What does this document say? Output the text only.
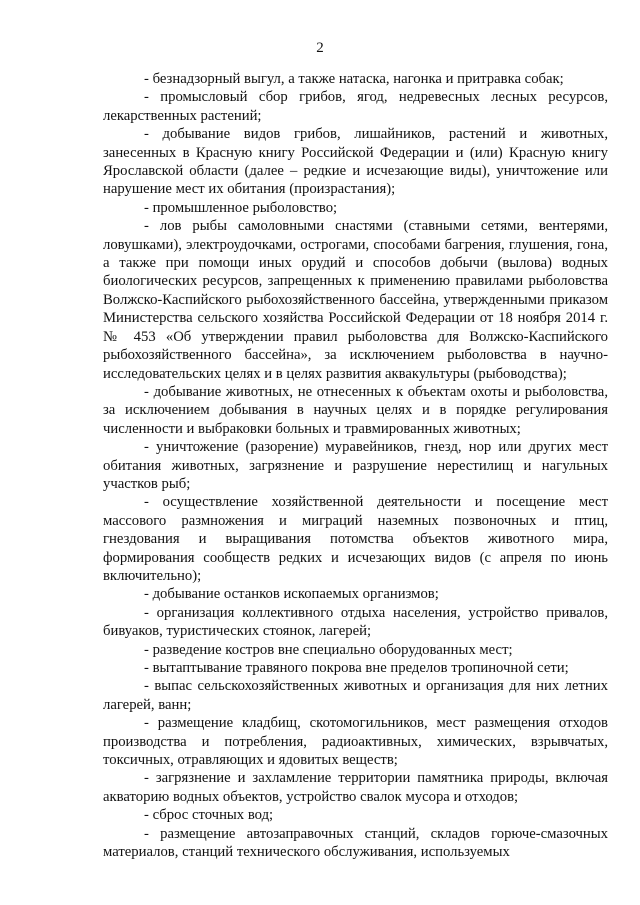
2

- безнадзорный выгул, а также натаска, нагонка и притравка собак;

- промысловый сбор грибов, ягод, недревесных лесных ресурсов, лекарственных растений;

- добывание видов грибов, лишайников, растений и животных, занесенных в Красную книгу Российской Федерации и (или) Красную книгу Ярославской области (далее – редкие и исчезающие виды), уничтожение или нарушение мест их обитания (произрастания);

- промышленное рыболовство;

- лов рыбы самоловными снастями (ставными сетями, вентерями, ловушками), электроудочками, острогами, способами багрения, глушения, гона, а также при помощи иных орудий и способов добычи (вылова) водных биологических ресурсов, запрещенных к применению правилами рыболовства Волжско-Каспийского рыбохозяйственного бассейна, утвержденными приказом Министерства сельского хозяйства Российской Федерации от 18 ноября 2014 г. № 453 «Об утверждении правил рыболовства для Волжско-Каспийского рыбохозяйственного бассейна», за исключением рыболовства в научно-исследовательских целях и в целях развития аквакультуры (рыбоводства);

- добывание животных, не отнесенных к объектам охоты и рыболовства, за исключением добывания в научных целях и в порядке регулирования численности и выбраковки больных и травмированных животных;

- уничтожение (разорение) муравейников, гнезд, нор или других мест обитания животных, загрязнение и разрушение нерестилищ и нагульных участков рыб;

- осуществление хозяйственной деятельности и посещение мест массового размножения и миграций наземных позвоночных и птиц, гнездования и выращивания потомства объектов животного мира, формирования сообществ редких и исчезающих видов (с апреля по июнь включительно);

- добывание останков ископаемых организмов;

- организация коллективного отдыха населения, устройство привалов, бивуаков, туристических стоянок, лагерей;

- разведение костров вне специально оборудованных мест;

- вытаптывание травяного покрова вне пределов тропиночной сети;

- выпас сельскохозяйственных животных и организация для них летних лагерей, ванн;

- размещение кладбищ, скотомогильников, мест размещения отходов производства и потребления, радиоактивных, химических, взрывчатых, токсичных, отравляющих и ядовитых веществ;

- загрязнение и захламление территории памятника природы, включая акваторию водных объектов, устройство свалок мусора и отходов;

- сброс сточных вод;

- размещение автозаправочных станций, складов горюче-смазочных материалов, станций технического обслуживания, используемых
